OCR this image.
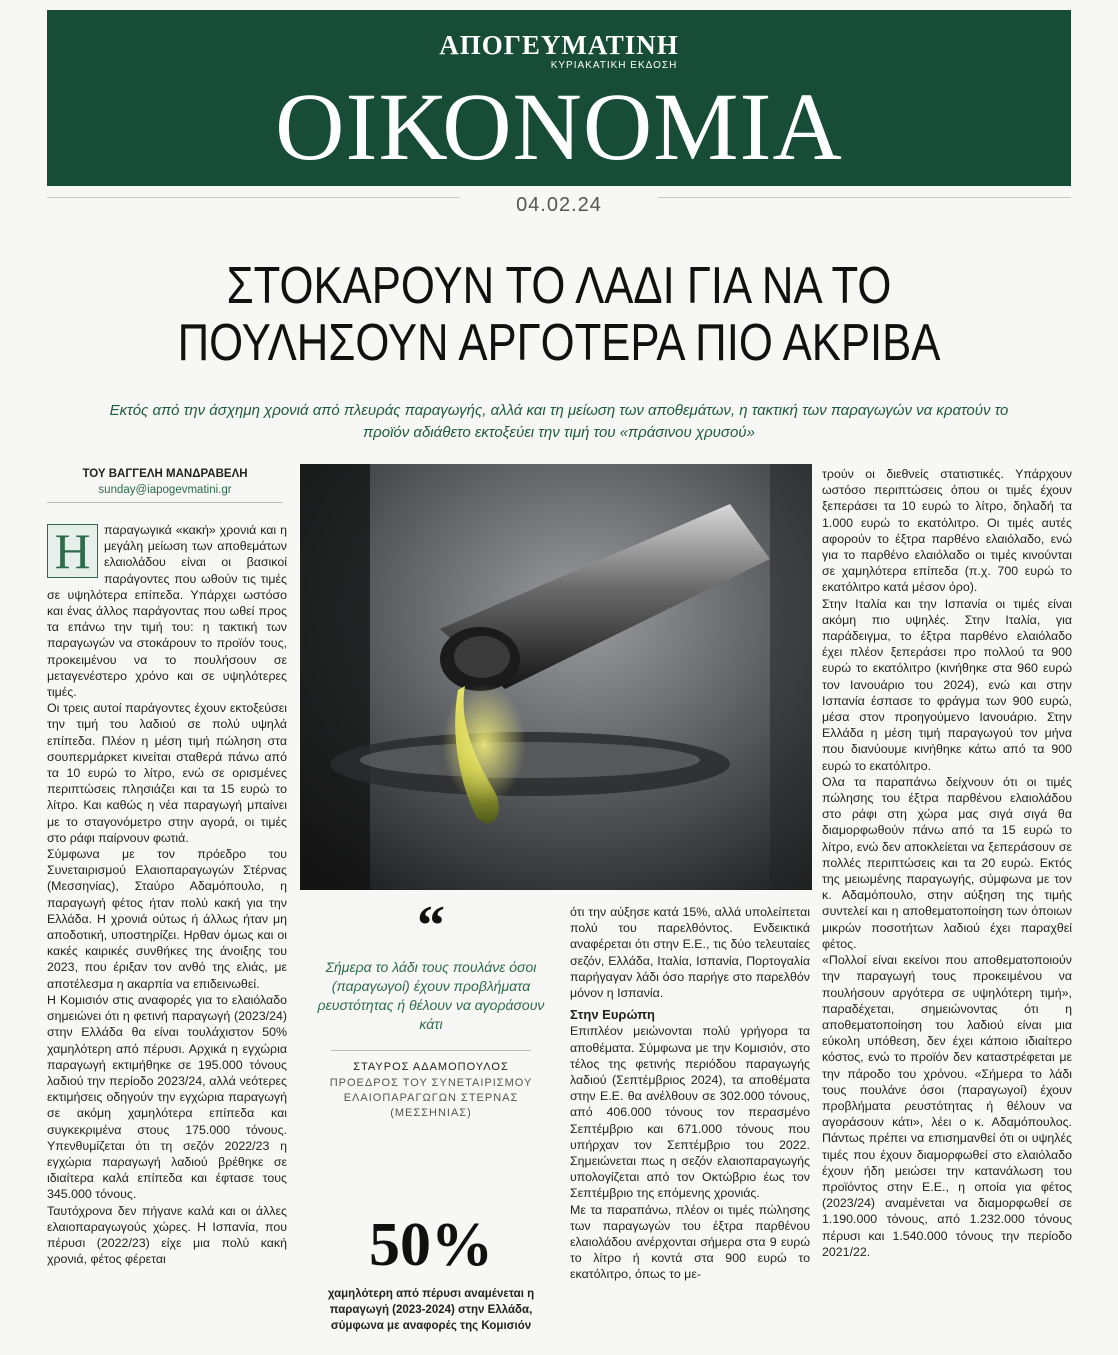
ΑΠΟΓΕΥΜΑΤΙΝΗ
ΚΥΡΙΑΚΑΤΙΚΗ ΕΚΔΟΣΗ
ΟΙΚΟΝΟΜΙΑ
04.02.24
ΣΤΟΚΑΡΟΥΝ ΤΟ ΛΑΔΙ ΓΙΑ ΝΑ ΤΟ
ΠΟΥΛΗΣΟΥΝ ΑΡΓΟΤΕΡΑ ΠΙΟ ΑΚΡΙΒΑ
Εκτός από την άσχημη χρονιά από πλευράς παραγωγής, αλλά και τη μείωση των αποθεμάτων, η τακτική των παραγωγών να κρατούν το προϊόν αδιάθετο εκτοξεύει την τιμή του «πράσινου χρυσού»
ΤΟΥ ΒΑΓΓΕΛΗ ΜΑΝΔΡΑΒΕΛΗ
sunday@iapogevmatini.gr
Η	παραγωγικά «κακή» χρονιά και η μεγάλη μείωση των αποθεμάτων ελαιολάδου είναι οι βασικοί παράγοντες που ωθούν τις τιμές σε υψηλότερα επίπεδα. Υπάρχει ωστόσο και ένας άλλος παράγοντας που ωθεί προς τα επάνω την τιμή του: η τακτική των παραγωγών να στοκάρουν το προϊόν τους, προκειμένου να το πουλήσουν σε μεταγενέστερο χρόνο και σε υψηλότερες τιμές.

Οι τρεις αυτοί παράγοντες έχουν εκτοξεύσει την τιμή του λαδιού σε πολύ υψηλά επίπεδα. Πλέον η μέση τιμή πώληση στα σουπερμάρκετ κινείται σταθερά πάνω από τα 10 ευρώ το λίτρο, ενώ σε ορισμένες περιπτώσεις πλησιάζει και τα 15 ευρώ το λίτρο. Και καθώς η νέα παραγωγή μπαίνει με το σταγονόμετρο στην αγορά, οι τιμές στο ράφι παίρνουν φωτιά.

Σύμφωνα με τον πρόεδρο του Συνεταιρισμού Ελαιοπαραγωγών Στέρνας (Μεσσηνίας), Σταύρο Αδαμόπουλο, η παραγωγή φέτος ήταν πολύ κακή για την Ελλάδα. Η χρονιά ούτως ή άλλως ήταν μη αποδοτική, υποστηρίζει. Ηρθαν όμως και οι κακές καιρικές συνθήκες της άνοιξης του 2023, που έριξαν τον ανθό της ελιάς, με αποτέλεσμα η ακαρπία να επιδεινωθεί.

Η Κομισιόν στις αναφορές για το ελαιόλαδο σημειώνει ότι η φετινή παραγωγή (2023/24) στην Ελλάδα θα είναι τουλάχιστον 50% χαμηλότερη από πέρυσι. Αρχικά η εγχώρια παραγωγή εκτιμήθηκε σε 195.000 τόνους λαδιού την περίοδο 2023/24, αλλά νεότερες εκτιμήσεις οδηγούν την εγχώρια παραγωγή σε ακόμη χαμηλότερα επίπεδα και συγκεκριμένα στους 175.000 τόνους. Υπενθυμίζεται ότι τη σεζόν 2022/23 η εγχώρια παραγωγή λαδιού βρέθηκε σε ιδιαίτερα καλά επίπεδα και έφτασε τους 345.000 τόνους.

Ταυτόχρονα δεν πήγανε καλά και οι άλλες ελαιοπαραγωγούς χώρες. Η Ισπανία, που πέρυσι (2022/23) είχε μια πολύ κακή χρονιά, φέτος φέρεται

“
Σήμερα το λάδι τους πουλάνε όσοι (παραγωγοί) έχουν προβλήματα ρευστότητας ή θέλουν να αγοράσουν κάτι
ΣΤΑΥΡΟΣ ΑΔΑΜΟΠΟΥΛΟΣ
ΠΡΟΕΔΡΟΣ ΤΟΥ ΣΥΝΕΤΑΙΡΙΣΜΟΥ ΕΛΑΙΟΠΑΡΑΓΩΓΩΝ ΣΤΕΡΝΑΣ (ΜΕΣΣΗΝΙΑΣ)
50%
χαμηλότερη από πέρυσι αναμένεται η παραγωγή (2023-2024) στην Ελλάδα, σύμφωνα με αναφορές της Κομισιόν

ότι την αύξησε κατά 15%, αλλά υπολείπεται πολύ του παρελθόντος. Ενδεικτικά αναφέρεται ότι στην Ε.Ε., τις δύο τελευταίες σεζόν, Ελλάδα, Ιταλία, Ισπανία, Πορτογαλία παρήγαγαν λάδι όσο παρήγε στο παρελθόν μόνον η Ισπανία.

Στην Ευρώπη

Επιπλέον μειώνονται πολύ γρήγορα τα αποθέματα. Σύμφωνα με την Κομισιόν, στο τέλος της φετινής περιόδου παραγωγής λαδιού (Σεπτέμβριος 2024), τα αποθέματα στην Ε.Ε. θα ανέλθουν σε 302.000 τόνους, από 406.000 τόνους τον περασμένο Σεπτέμβριο και 671.000 τόνους που υπήρχαν τον Σεπτέμβριο του 2022. Σημειώνεται πως η σεζόν ελαιοπαραγωγής υπολογίζεται από τον Οκτώβριο έως τον Σεπτέμβριο της επόμενης χρονιάς.

Με τα παραπάνω, πλέον οι τιμές πώλησης των παραγωγών του έξτρα παρθένου ελαιολάδου ανέρχονται σήμερα στα 9 ευρώ το λίτρο ή κοντά στα 900 ευρώ το εκατόλιτρο, όπως το με-

τρούν οι διεθνείς στατιστικές. Υπάρχουν ωστόσο περιπτώσεις όπου οι τιμές έχουν ξεπεράσει τα 10 ευρώ το λίτρο, δηλαδή τα 1.000 ευρώ το εκατόλιτρο. Οι τιμές αυτές αφορούν το έξτρα παρθένο ελαιόλαδο, ενώ για το παρθένο ελαιόλαδο οι τιμές κινούνται σε χαμηλότερα επίπεδα (π.χ. 700 ευρώ το εκατόλιτρο κατά μέσον όρο).

Στην Ιταλία και την Ισπανία οι τιμές είναι ακόμη πιο υψηλές. Στην Ιταλία, για παράδειγμα, το έξτρα παρθένο ελαιόλαδο έχει πλέον ξεπεράσει προ πολλού τα 900 ευρώ το εκατόλιτρο (κινήθηκε στα 960 ευρώ τον Ιανουάριο του 2024), ενώ και στην Ισπανία έσπασε το φράγμα των 900 ευρώ, μέσα στον προηγούμενο Ιανουάριο. Στην Ελλάδα η μέση τιμή παραγωγού τον μήνα που διανύουμε κινήθηκε κάτω από τα 900 ευρώ το εκατόλιτρο.

Ολα τα παραπάνω δείχνουν ότι οι τιμές πώλησης του έξτρα παρθένου ελαιολάδου στο ράφι στη χώρα μας σιγά σιγά θα διαμορφωθούν πάνω από τα 15 ευρώ το λίτρο, ενώ δεν αποκλείεται να ξεπεράσουν σε πολλές περιπτώσεις και τα 20 ευρώ. Εκτός της μειωμένης παραγωγής, σύμφωνα με τον κ. Αδαμόπουλο, στην αύξηση της τιμής συντελεί και η αποθεματοποίηση των όποιων μικρών ποσοτήτων λαδιού έχει παραχθεί φέτος.

«Πολλοί είναι εκείνοι που αποθεματοποιούν την παραγωγή τους προκειμένου να πουλήσουν αργότερα σε υψηλότερη τιμή», παραδέχεται, σημειώνοντας ότι η αποθεματοποίηση του λαδιού είναι μια εύκολη υπόθεση, δεν έχει κάποιο ιδιαίτερο κόστος, ενώ το προϊόν δεν καταστρέφεται με την πάροδο του χρόνου. «Σήμερα το λάδι τους πουλάνε όσοι (παραγωγοί) έχουν προβλήματα ρευστότητας ή θέλουν να αγοράσουν κάτι», λέει ο κ. Αδαμόπουλος. Πάντως πρέπει να επισημανθεί ότι οι υψηλές τιμές που έχουν διαμορφωθεί στο ελαιόλαδο έχουν ήδη μειώσει την κατανάλωση του προϊόντος στην Ε.Ε., η οποία για φέτος (2023/24) αναμένεται να διαμορφωθεί σε 1.190.000 τόνους, από 1.232.000 τόνους πέρυσι και 1.540.000 τόνους την περίοδο 2021/22.
